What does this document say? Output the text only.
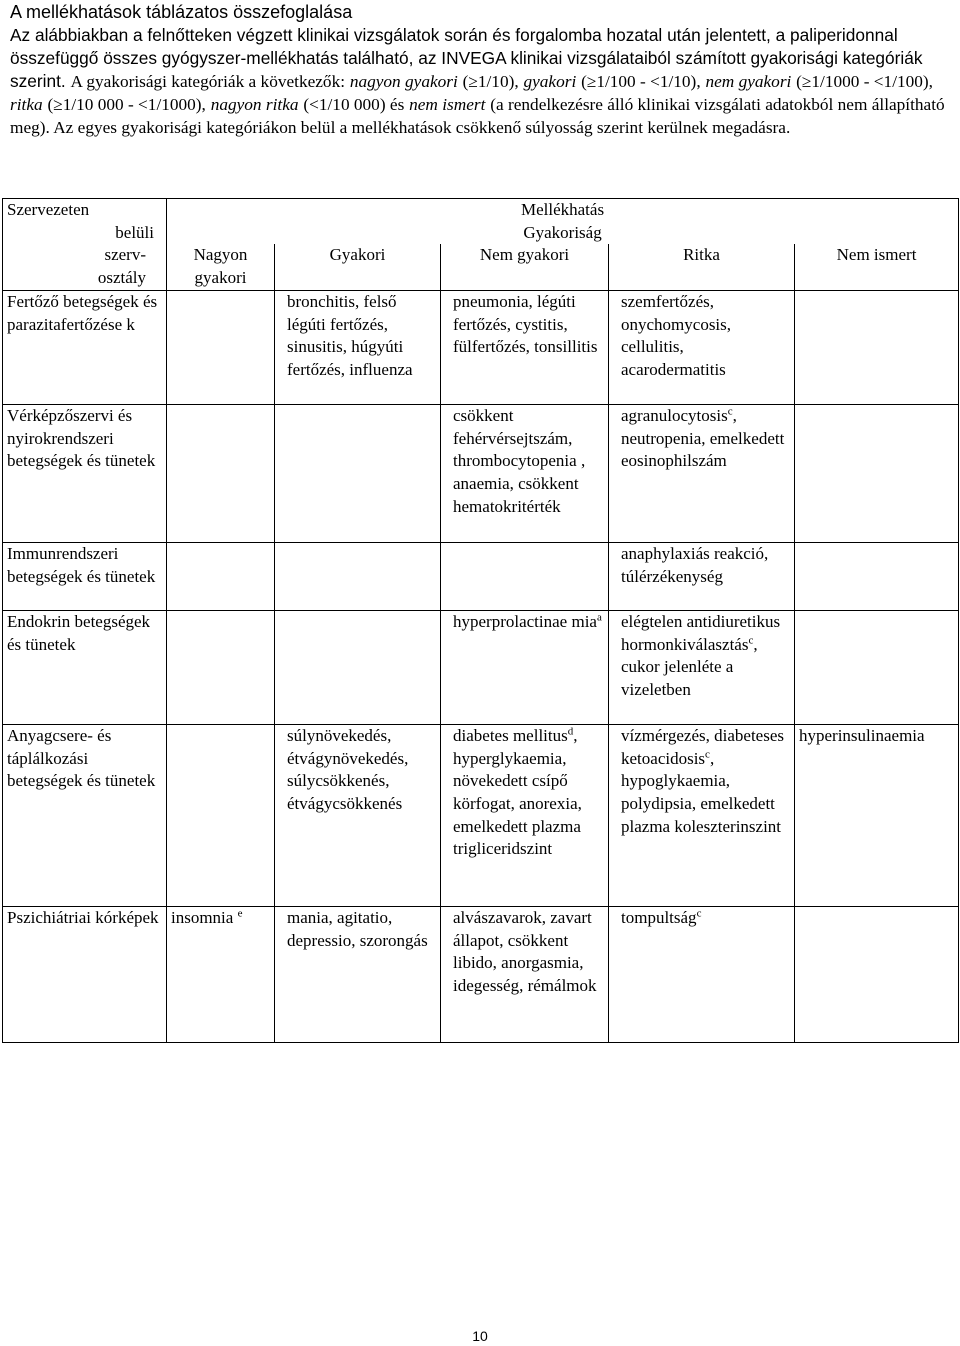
A mellékhatások táblázatos összefoglalása
Az alábbiakban a felnőtteken végzett klinikai vizsgálatok során és forgalomba hozatal után jelentett, a paliperidonnal összefüggő összes gyógyszer-mellékhatás található, az INVEGA klinikai vizsgálataiból számított gyakorisági kategóriák szerint. A gyakorisági kategóriák a következők: nagyon gyakori (≥1/10), gyakori (≥1/100 - <1/10), nem gyakori (≥1/1000 - <1/100), ritka (≥1/10 000 - <1/1000), nagyon ritka (<1/10 000) és nem ismert (a rendelkezésre álló klinikai vizsgálati adatokból nem állapítható meg). Az egyes gyakorisági kategóriákon belül a mellékhatások csökkenő súlyosság szerint kerülnek megadásra.
Szervezeten
belüli
szerv-
osztály	Mellékhatás				
	Gyakoriság				
	Nagyon gyakori	Gyakori	Nem gyakori	Ritka	Nem ismert
Fertőző betegségek és parazitafertőzése k		bronchitis, felső légúti fertőzés, sinusitis, húgyúti fertőzés, influenza	pneumonia, légúti fertőzés, cystitis, fülfertőzés, tonsillitis	szemfertőzés, onychomycosis, cellulitis, acarodermatitis	
Vérképzőszervi és nyirokrendszeri betegségek és tünetek			csökkent fehérvérsejtszám, thrombocytopenia , anaemia, csökkent hematokritérték	agranulocytosis$^c$, neutropenia, emelkedett eosinophilszám	
Immunrendszeri betegségek és tünetek				anaphylaxiás reakció, túlérzékenység	
Endokrin betegségek és tünetek			hyperprolactinae mia$^a$	elégtelen antidiuretikus hormonkiválasztás$^c$, cukor jelenléte a vizeletben	
Anyagcsere- és táplálkozási betegségek és tünetek		súlynövekedés, étvágynövekedés, súlycsökkenés, étvágycsökkenés	diabetes mellitus$^d$, hyperglykaemia, növekedett csípő körfogat, anorexia, emelkedett plazma trigliceridszint	vízmérgezés, diabeteses ketoacidosis$^c$, hypoglykaemia, polydipsia, emelkedett plazma koleszterinszint	hyperinsulinaemia
Pszichiátriai kórképek	insomnia $^e$	mania, agitatio, depressio, szorongás	alvászavarok, zavart állapot, csökkent libido, anorgasmia, idegesség, rémálmok	tompultság$^c$	
10
